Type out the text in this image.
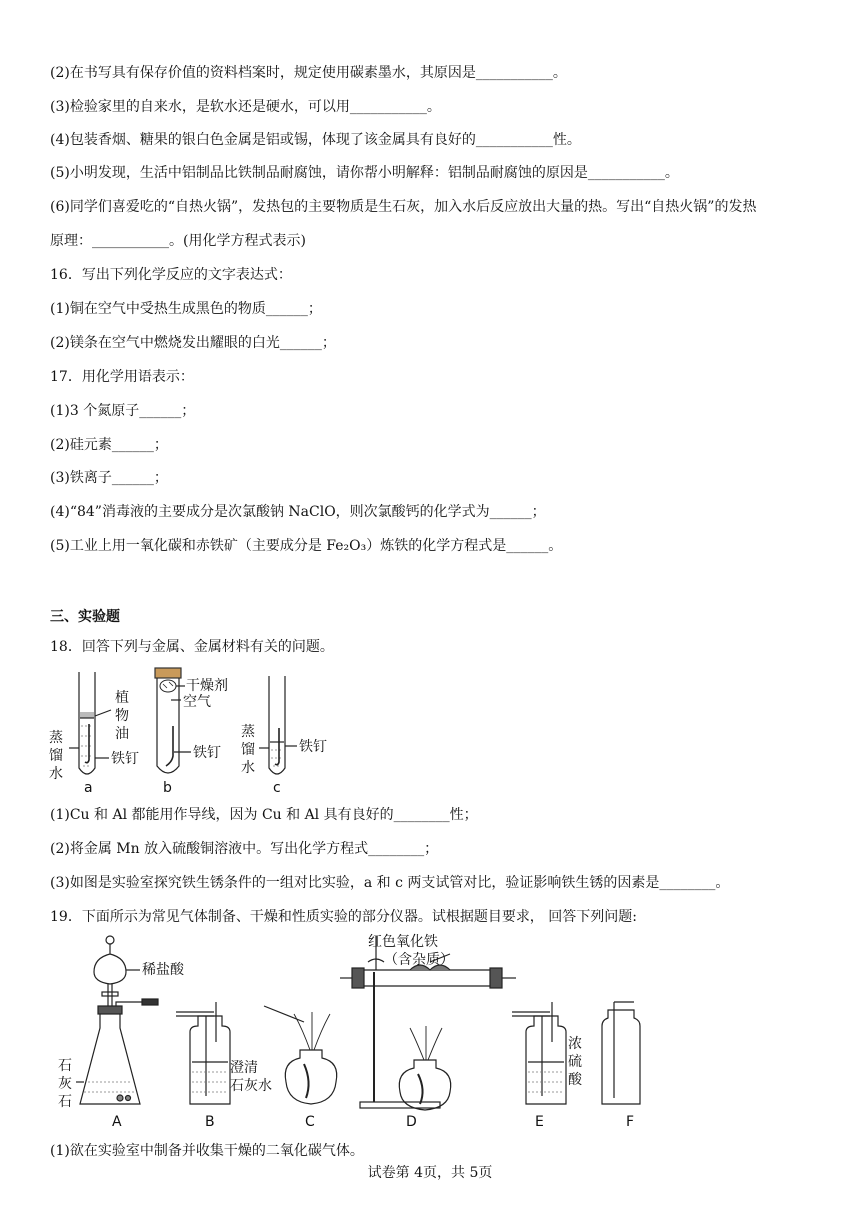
(2)在书写具有保存价值的资料档案时，规定使用碳素墨水，其原因是___________。
(3)检验家里的自来水，是软水还是硬水，可以用___________。
(4)包装香烟、糖果的银白色金属是铝或锡，体现了该金属具有良好的___________性。
(5)小明发现，生活中铝制品比铁制品耐腐蚀，请你帮小明解释：铝制品耐腐蚀的原因是___________。
(6)同学们喜爱吃的“自热火锅”，发热包的主要物质是生石灰，加入水后反应放出大量的热。写出“自热火锅”的发热
原理：___________。(用化学方程式表示)
16．写出下列化学反应的文字表达式：
(1)铜在空气中受热生成黑色的物质______；
(2)镁条在空气中燃烧发出耀眼的白光______；
17．用化学用语表示：
(1)3 个氮原子______；
(2)硅元素______；
(3)铁离子______；
(4)“84”消毒液的主要成分是次氯酸钠 NaClO，则次氯酸钙的化学式为______；
(5)工业上用一氧化碳和赤铁矿（主要成分是 Fe₂O₃）炼铁的化学方程式是______。
三、实验题
18．回答下列与金属、金属材料有关的问题。
植
物
油
蒸
馏
水
铁钉
a
干燥剂
空气
铁钉
b
蒸
馏
水
铁钉
c
(1)Cu 和 Al 都能用作导线，因为 Cu 和 Al 具有良好的________性；
(2)将金属 Mn 放入硫酸铜溶液中。写出化学方程式________；
(3)如图是实验室探究铁生锈条件的一组对比实验，a 和 c 两支试管对比，验证影响铁生锈的因素是________。
19．下面所示为常见气体制备、干燥和性质实验的部分仪器。试根据题目要求， 回答下列问题:
稀盐酸
石
灰
石
澄清
石灰水
红色氧化铁
（含杂质）
浓
硫
酸
A	B	C	D	E	F
(1)欲在实验室中制备并收集干燥的二氧化碳气体。
试卷第 4页，共 5页
